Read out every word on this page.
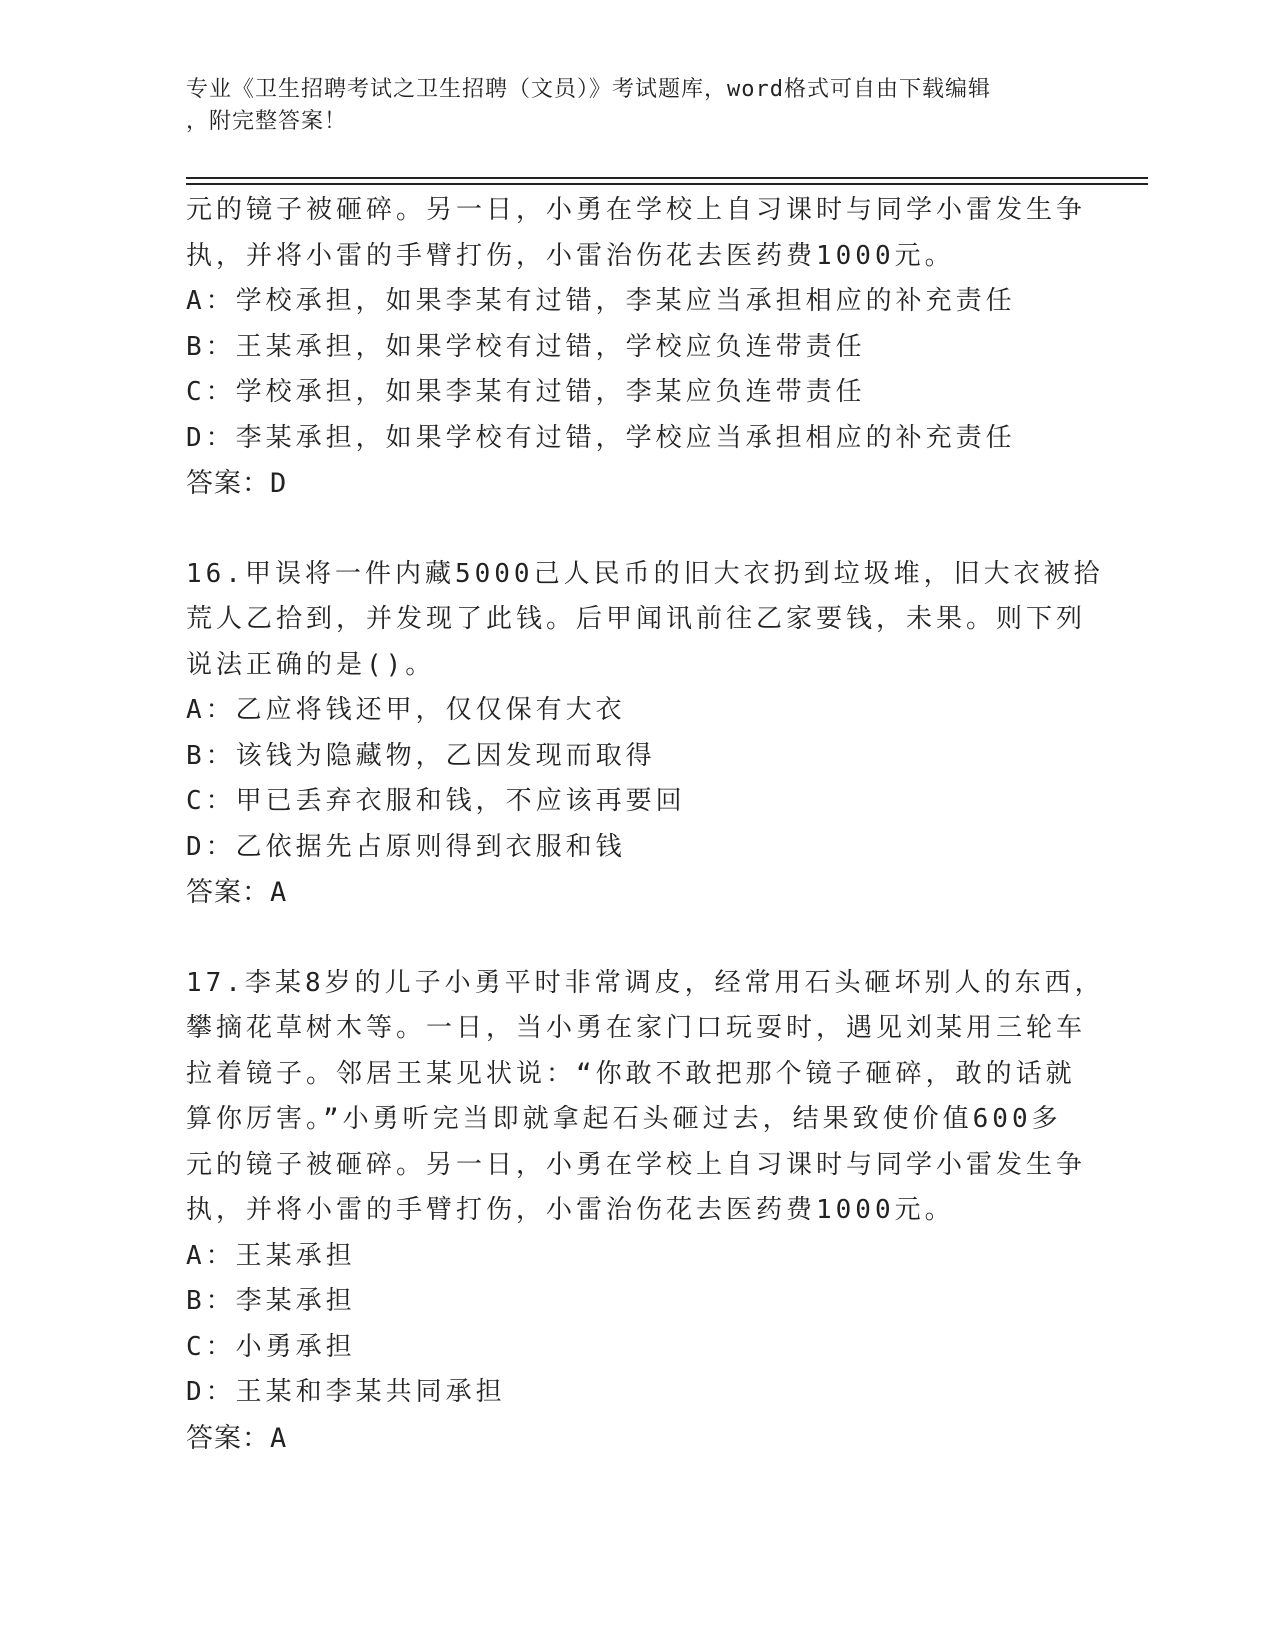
专业《卫生招聘考试之卫生招聘（文员）》考试题库，word格式可自由下载编辑
，附完整答案！
元的镜子被砸碎。另一日，小勇在学校上自习课时与同学小雷发生争
执，并将小雷的手臂打伤，小雷治伤花去医药费1000元。
A：学校承担，如果李某有过错，李某应当承担相应的补充责任
B：王某承担，如果学校有过错，学校应负连带责任
C：学校承担，如果李某有过错，李某应负连带责任
D：李某承担，如果学校有过错，学校应当承担相应的补充责任
答案：D
16.甲误将一件内藏5000己人民币的旧大衣扔到垃圾堆，旧大衣被拾
荒人乙拾到，并发现了此钱。后甲闻讯前往乙家要钱，未果。则下列
说法正确的是()。
A：乙应将钱还甲，仅仅保有大衣
B：该钱为隐藏物，乙因发现而取得
C：甲已丢弃衣服和钱，不应该再要回
D：乙依据先占原则得到衣服和钱
答案：A
17.李某8岁的儿子小勇平时非常调皮，经常用石头砸坏别人的东西，
攀摘花草树木等。一日，当小勇在家门口玩耍时，遇见刘某用三轮车
拉着镜子。邻居王某见状说：“你敢不敢把那个镜子砸碎，敢的话就
算你厉害。”小勇听完当即就拿起石头砸过去，结果致使价值600多
元的镜子被砸碎。另一日，小勇在学校上自习课时与同学小雷发生争
执，并将小雷的手臂打伤，小雷治伤花去医药费1000元。
A：王某承担
B：李某承担
C：小勇承担
D：王某和李某共同承担
答案：A
